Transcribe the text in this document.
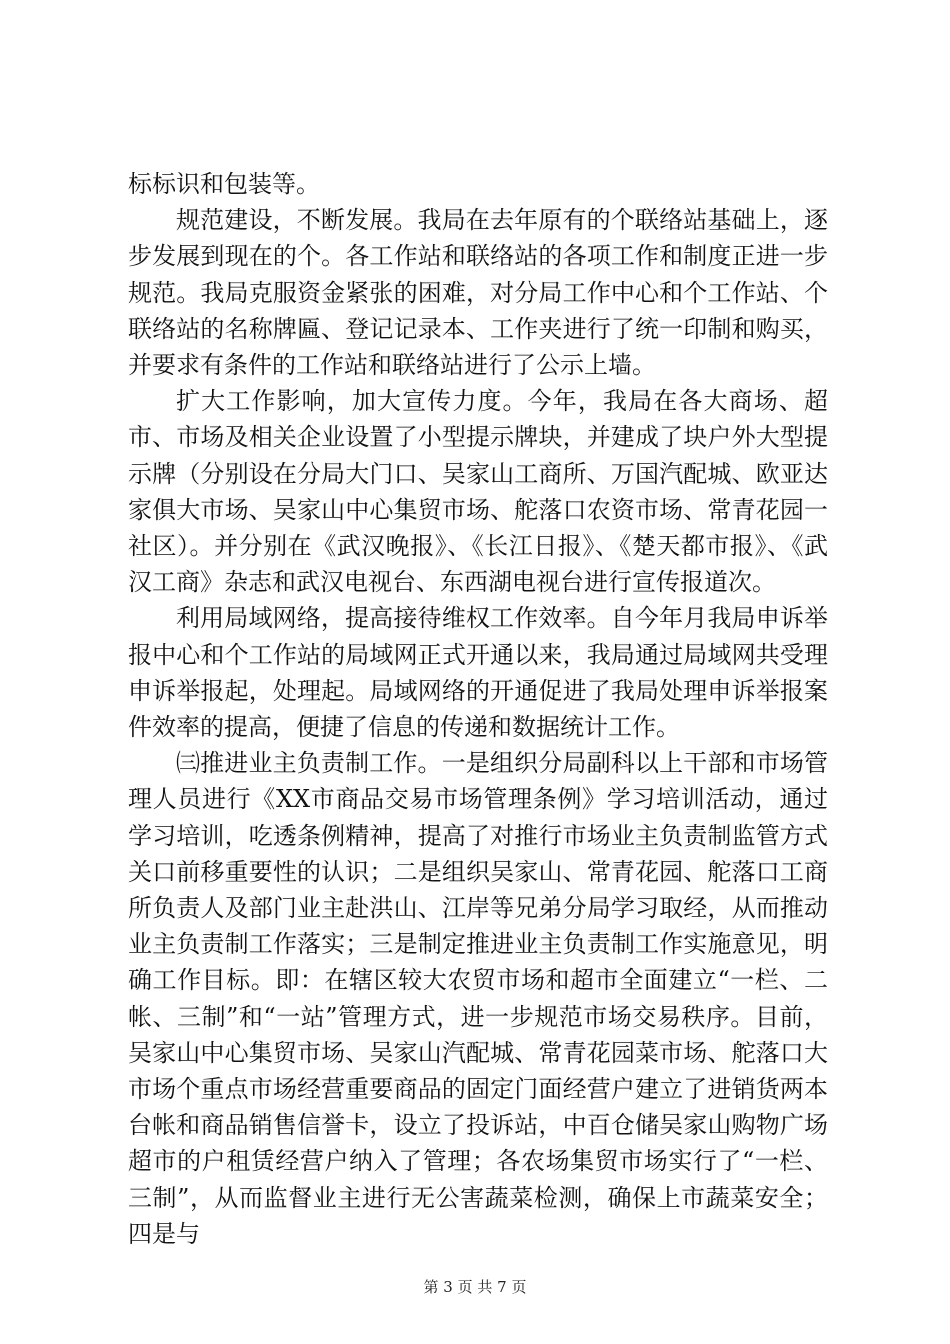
标标识和包装等。

规范建设，不断发展。我局在去年原有的个联络站基础上，逐步发展到现在的个。各工作站和联络站的各项工作和制度正进一步规范。我局克服资金紧张的困难，对分局工作中心和个工作站、个联络站的名称牌匾、登记记录本、工作夹进行了统一印制和购买，并要求有条件的工作站和联络站进行了公示上墙。

扩大工作影响，加大宣传力度。今年，我局在各大商场、超市、市场及相关企业设置了小型提示牌块，并建成了块户外大型提示牌（分别设在分局大门口、吴家山工商所、万国汽配城、欧亚达家俱大市场、吴家山中心集贸市场、舵落口农资市场、常青花园一社区）。并分别在《武汉晚报》、《长江日报》、《楚天都市报》、《武汉工商》杂志和武汉电视台、东西湖电视台进行宣传报道次。

利用局域网络，提高接待维权工作效率。自今年月我局申诉举报中心和个工作站的局域网正式开通以来，我局通过局域网共受理申诉举报起，处理起。局域网络的开通促进了我局处理申诉举报案件效率的提高，便捷了信息的传递和数据统计工作。

㈢推进业主负责制工作。一是组织分局副科以上干部和市场管理人员进行《XX市商品交易市场管理条例》学习培训活动，通过学习培训，吃透条例精神，提高了对推行市场业主负责制监管方式关口前移重要性的认识；二是组织吴家山、常青花园、舵落口工商所负责人及部门业主赴洪山、江岸等兄弟分局学习取经，从而推动业主负责制工作落实；三是制定推进业主负责制工作实施意见，明确工作目标。即：在辖区较大农贸市场和超市全面建立“一栏、二帐、三制”和“一站”管理方式，进一步规范市场交易秩序。目前，吴家山中心集贸市场、吴家山汽配城、常青花园菜市场、舵落口大市场个重点市场经营重要商品的固定门面经营户建立了进销货两本台帐和商品销售信誉卡，设立了投诉站，中百仓储吴家山购物广场超市的户租赁经营户纳入了管理；各农场集贸市场实行了“一栏、三制”，从而监督业主进行无公害蔬菜检测，确保上市蔬菜安全；四是与

第 3 页 共 7 页
